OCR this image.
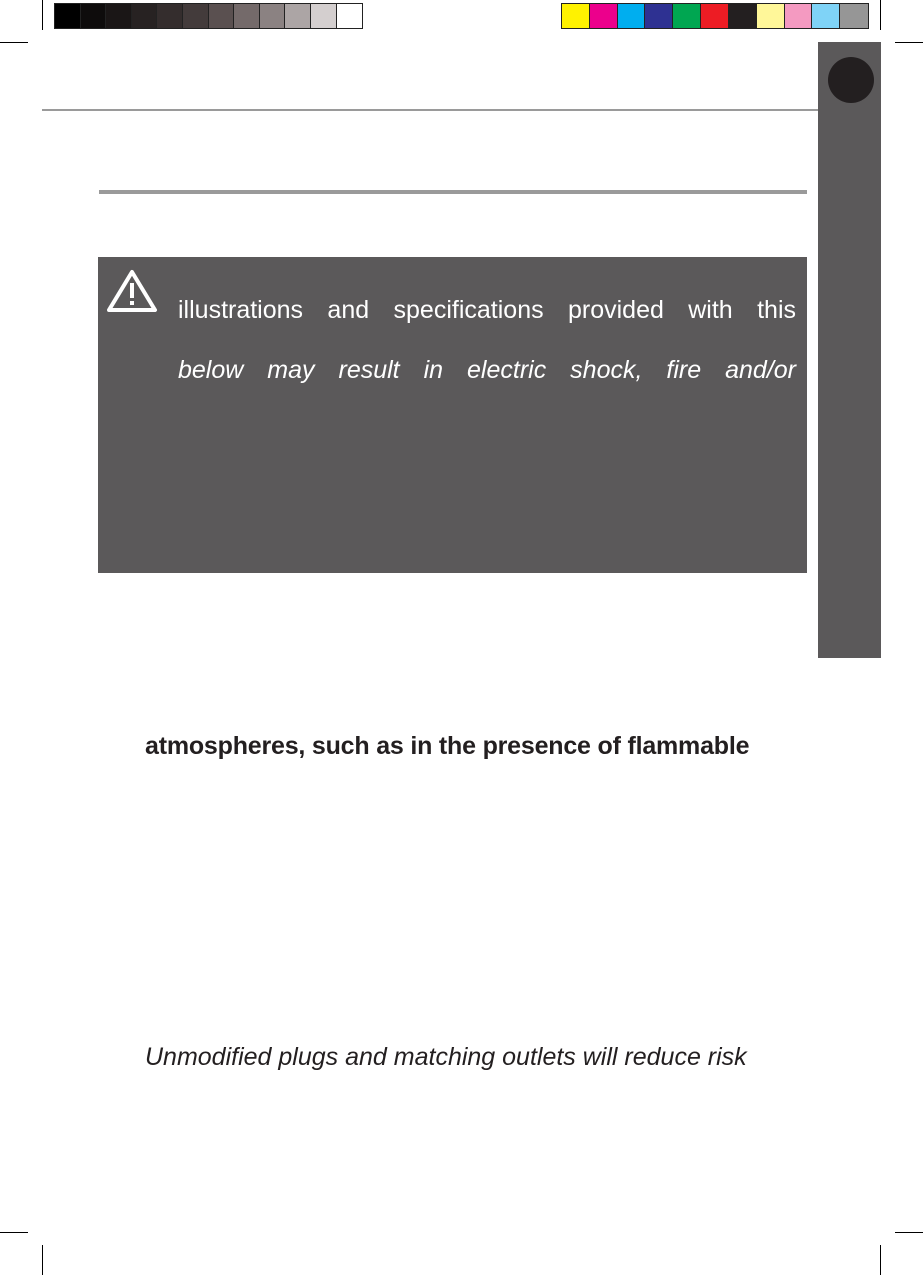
illustrations and specifications provided with this
below may result in electric shock, fire and/or
atmospheres, such as in the presence of flammable
Unmodified plugs and matching outlets will reduce risk
